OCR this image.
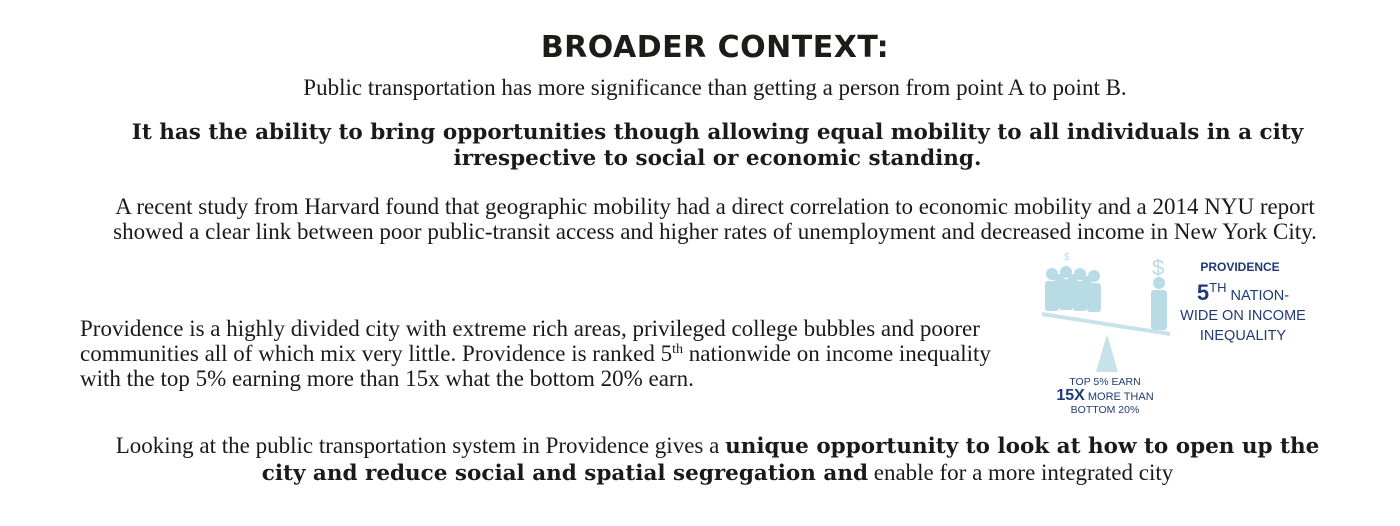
BROADER CONTEXT:
Public transportation has more significance than getting a person from point A to point B.
It has the ability to bring opportunities though allowing equal mobility to all individuals in a city irrespective to social or economic standing.
A recent study from Harvard found that geographic mobility had a direct correlation to economic mobility and a 2014 NYU report showed a clear link between poor public-transit access and higher rates of unemployment and decreased income in New York City.
Providence is a highly divided city with extreme rich areas, privileged college bubbles and poorer communities all of which mix very little. Providence is ranked 5th nationwide on income inequality with the top 5% earning more than 15x what the bottom 20% earn.
Looking at the public transportation system in Providence gives a unique opportunity to look at how to open up the city and reduce social and spatial segregation and enable for a more integrated city
$	$	PROVIDENCE
5TH NATION-
WIDE ON INCOME
INEQUALITY
TOP 5% EARN
15X MORE THAN
BOTTOM 20%
